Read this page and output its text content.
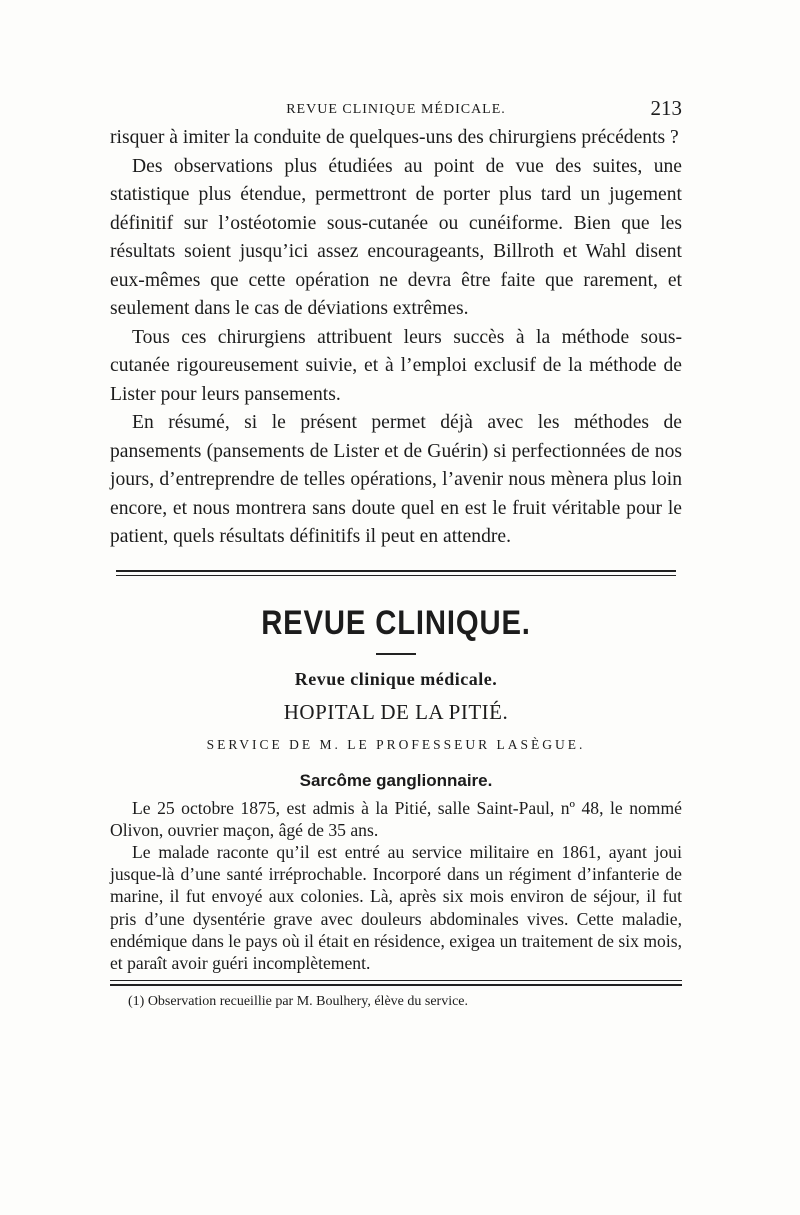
REVUE CLINIQUE MÉDICALE.	213

risquer à imiter la conduite de quelques-uns des chirurgiens précédents ?

Des observations plus étudiées au point de vue des suites, une statistique plus étendue, permettront de porter plus tard un jugement définitif sur l’ostéotomie sous-cutanée ou cunéiforme. Bien que les résultats soient jusqu’ici assez encourageants, Billroth et Wahl disent eux-mêmes que cette opération ne devra être faite que rarement, et seulement dans le cas de déviations extrêmes.

Tous ces chirurgiens attribuent leurs succès à la méthode sous-cutanée rigoureusement suivie, et à l’emploi exclusif de la méthode de Lister pour leurs pansements.

En résumé, si le présent permet déjà avec les méthodes de pansements (pansements de Lister et de Guérin) si perfectionnées de nos jours, d’entreprendre de telles opérations, l’avenir nous mènera plus loin encore, et nous montrera sans doute quel en est le fruit véritable pour le patient, quels résultats définitifs il peut en attendre.

REVUE CLINIQUE.
Revue clinique médicale.
HOPITAL DE LA PITIÉ.
SERVICE DE M. LE PROFESSEUR LASÈGUE.
Sarcôme ganglionnaire.

Le 25 octobre 1875, est admis à la Pitié, salle Saint-Paul, nº 48, le nommé Olivon, ouvrier maçon, âgé de 35 ans.

Le malade raconte qu’il est entré au service militaire en 1861, ayant joui jusque-là d’une santé irréprochable. Incorporé dans un régiment d’infanterie de marine, il fut envoyé aux colonies. Là, après six mois environ de séjour, il fut pris d’une dysentérie grave avec douleurs abdominales vives. Cette maladie, endémique dans le pays où il était en résidence, exigea un traitement de six mois, et paraît avoir guéri incomplètement.

(1) Observation recueillie par M. Boulhery, élève du service.
